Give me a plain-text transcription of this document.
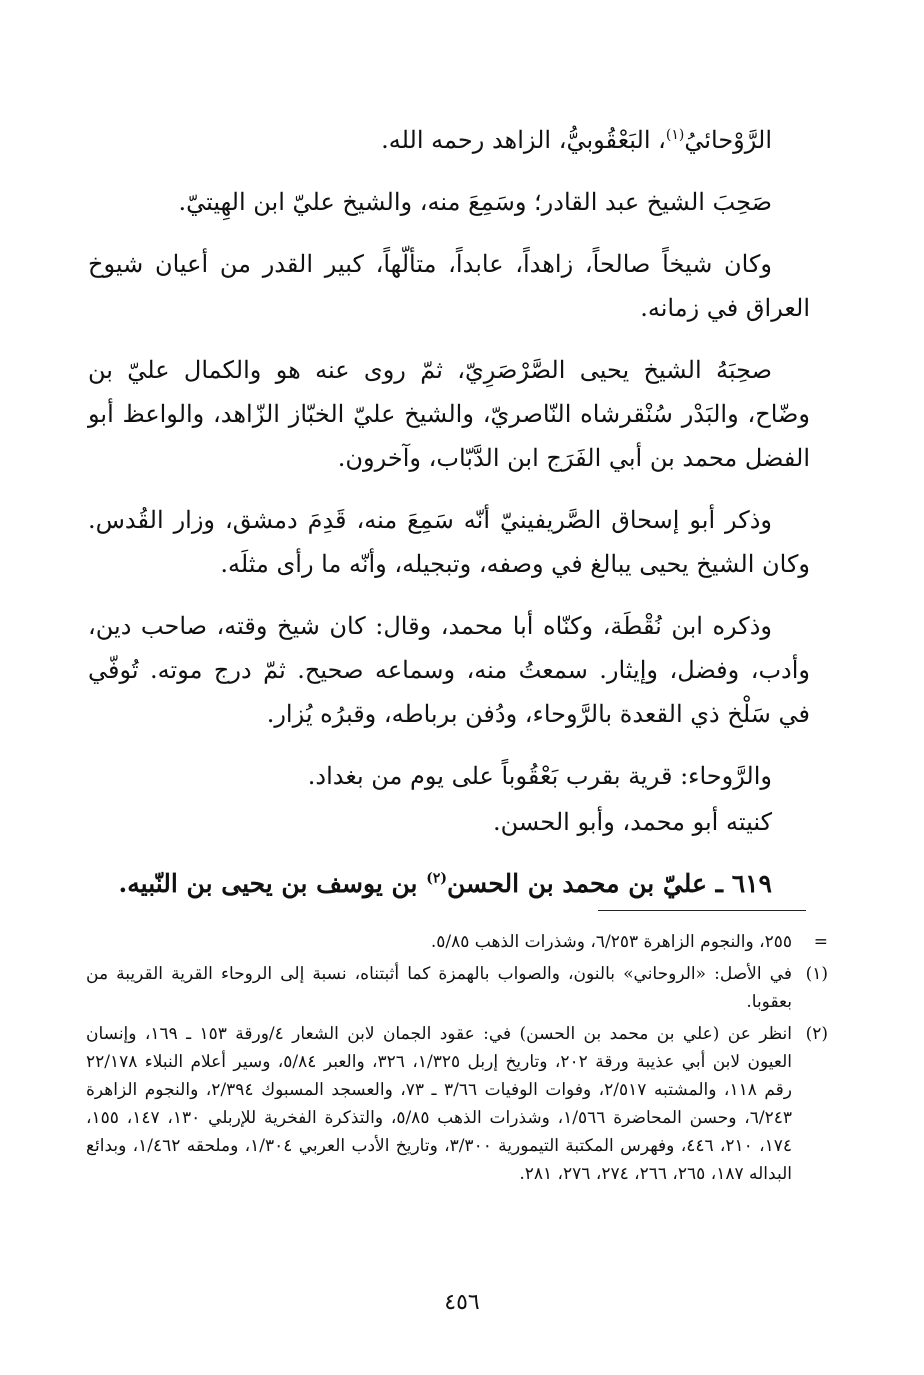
الرَّوْحائيُ$^{(١)}$، البَعْقُوبيُّ، الزاهد رحمه الله.

صَحِبَ الشيخ عبد القادر؛ وسَمِعَ منه، والشيخ عليّ ابن الهِيتيّ.

وكان شيخاً صالحاً، زاهداً، عابداً، متألّهاً، كبير القدر من أعيان شيوخ العراق في زمانه.

صحِبَهُ الشيخ يحيى الصَّرْصَرِيّ، ثمّ روى عنه هو والكمال عليّ بن وضّاح، والبَدْر سُنْقرشاه النّاصريّ، والشيخ عليّ الخبّاز الزّاهد، والواعظ أبو الفضل محمد بن أبي الفَرَج ابن الدَّبّاب، وآخرون.

وذكر أبو إسحاق الصَّريفينيّ أنّه سَمِعَ منه، قَدِمَ دمشق، وزار القُدس. وكان الشيخ يحيى يبالغ في وصفه، وتبجيله، وأنّه ما رأى مثلَه.

وذكره ابن نُقْطَة، وكنّاه أبا محمد، وقال: كان شيخ وقته، صاحب دين، وأدب، وفضل، وإيثار. سمعتُ منه، وسماعه صحيح. ثمّ درج موته. تُوفّي في سَلْخ ذي القعدة بالرَّوحاء، ودُفن برباطه، وقبرُه يُزار.

والرَّوحاء: قرية بقرب بَعْقُوباً على يوم من بغداد.

كنيته أبو محمد، وأبو الحسن.

٦١٩ ـ عليّ بن محمد بن الحسن$^{(٢)}$ بن يوسف بن يحيى بن النّبيه.

=
٢٥٥، والنجوم الزاهرة ٦/٢٥٣، وشذرات الذهب ٥/٨٥.
(١)
في الأصل: «الروحاني» بالنون، والصواب بالهمزة كما أثبتناه، نسبة إلى الروحاء القرية القريبة من بعقوبا.
(٢)
انظر عن (علي بن محمد بن الحسن) في: عقود الجمان لابن الشعار ٤/ورقة ١٥٣ ـ ١٦٩، وإنسان العيون لابن أبي عذيبة ورقة ٢٠٢، وتاريخ إربل ١/٣٢٥، ٣٢٦، والعبر ٥/٨٤، وسير أعلام النبلاء ٢٢/١٧٨ رقم ١١٨، والمشتبه ٢/٥١٧، وفوات الوفيات ٣/٦٦ ـ ٧٣، والعسجد المسبوك ٢/٣٩٤، والنجوم الزاهرة ٦/٢٤٣، وحسن المحاضرة ١/٥٦٦، وشذرات الذهب ٥/٨٥، والتذكرة الفخرية للإربلي ١٣٠، ١٤٧، ١٥٥، ١٧٤، ٢١٠، ٤٤٦، وفهرس المكتبة التيمورية ٣/٣٠٠، وتاريخ الأدب العربي ١/٣٠٤، وملحقه ١/٤٦٢، وبدائع البداله ١٨٧، ٢٦٥، ٢٦٦، ٢٧٤، ٢٧٦، ٢٨١.
٤٥٦
